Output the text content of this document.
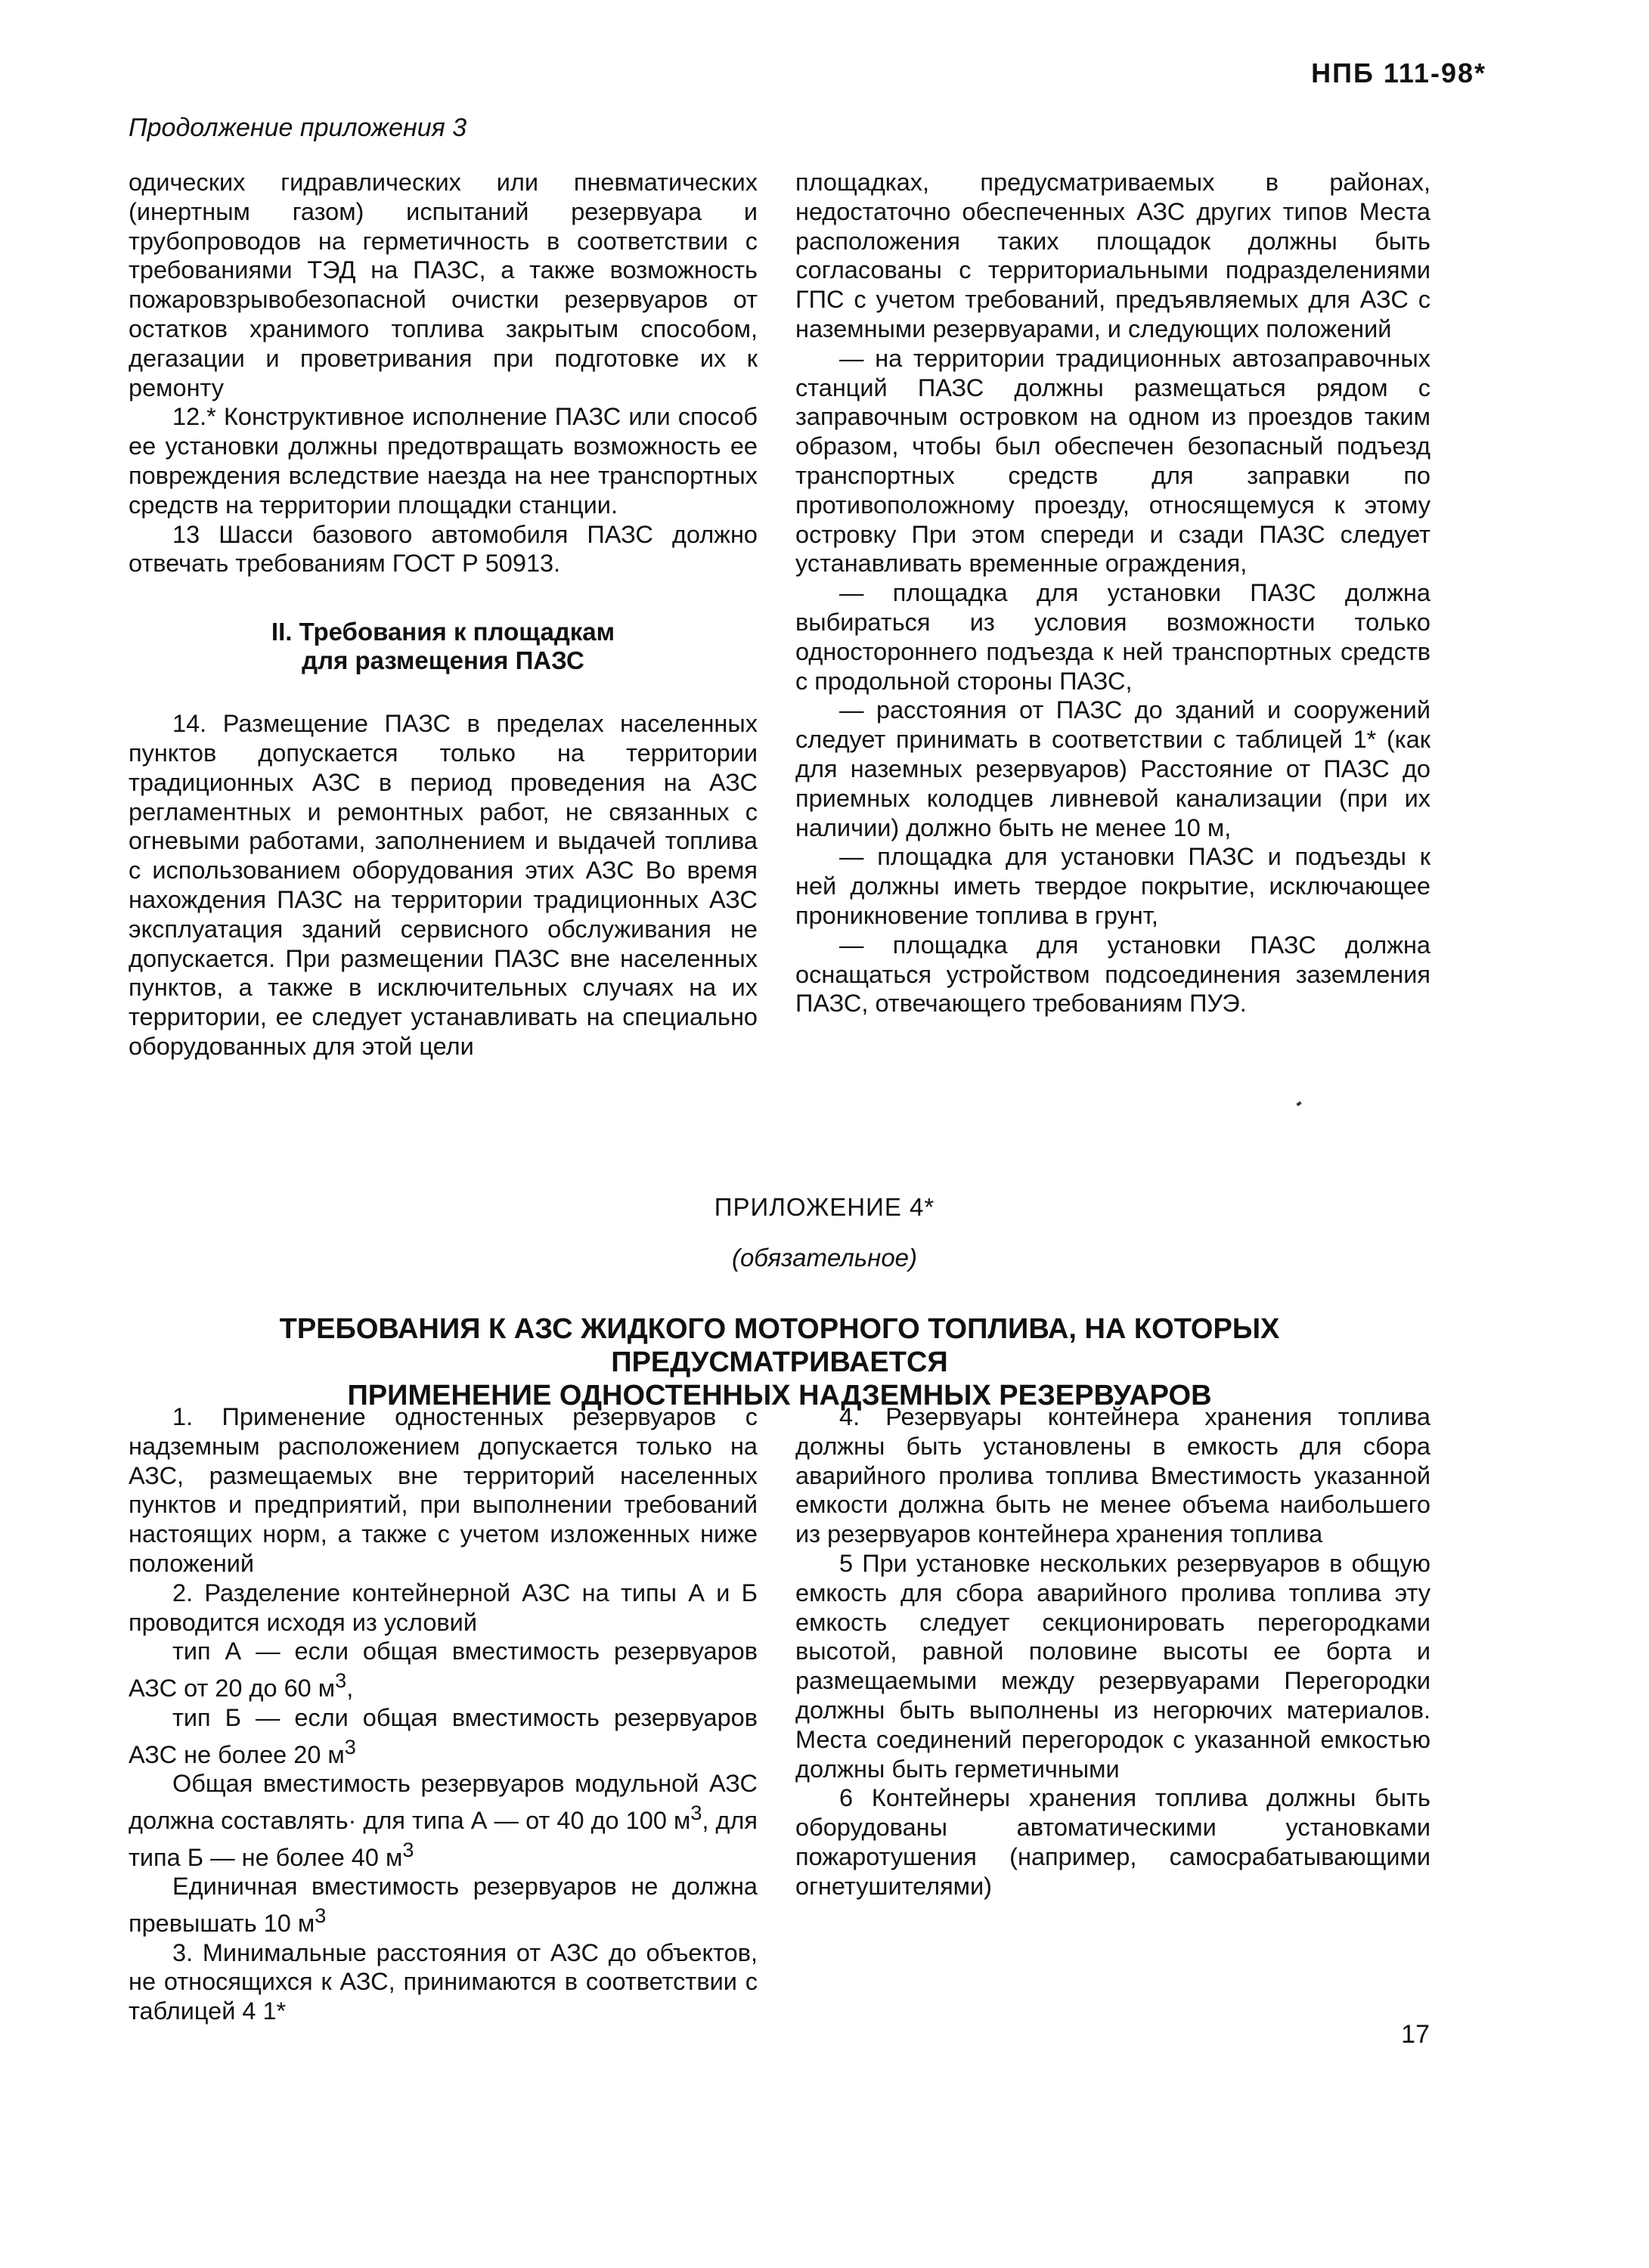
НПБ 111-98*
Продолжение приложения 3

одических гидравлических или пневматических (инертным газом) испытаний резервуара и трубопроводов на герметичность в соответствии с требованиями ТЭД на ПАЗС, а также возможность пожаровзрывобезопасной очистки резервуаров от остатков хранимого топлива закрытым способом, дегазации и проветривания при подготовке их к ремонту

12.* Конструктивное исполнение ПАЗС или способ ее установки должны предотвращать возможность ее повреждения вследствие наезда на нее транспортных средств на территории площадки станции.

13 Шасси базового автомобиля ПАЗС должно отвечать требованиям ГОСТ Р 50913.

II. Требования к площадкам
для размещения ПАЗС

14. Размещение ПАЗС в пределах населенных пунктов допускается только на территории традиционных АЗС в период проведения на АЗС регламентных и ремонтных работ, не связанных с огневыми работами, заполнением и выдачей топлива с использованием оборудования этих АЗС Во время нахождения ПАЗС на территории традиционных АЗС эксплуатация зданий сервисного обслуживания не допускается. При размещении ПАЗС вне населенных пунктов, а также в исключительных случаях на их территории, ее следует устанавливать на специально оборудованных для этой цели

площадках, предусматриваемых в районах, недостаточно обеспеченных АЗС других типов Места расположения таких площадок должны быть согласованы с территориальными подразделениями ГПС с учетом требований, предъявляемых для АЗС с наземными резервуарами, и следующих положений

— на территории традиционных автозаправочных станций ПАЗС должны размещаться рядом с заправочным островком на одном из проездов таким образом, чтобы был обеспечен безопасный подъезд транспортных средств для заправки по противоположному проезду, относящемуся к этому островку При этом спереди и сзади ПАЗС следует устанавливать временные ограждения,

— площадка для установки ПАЗС должна выбираться из условия возможности только одностороннего подъезда к ней транспортных средств с продольной стороны ПАЗС,

— расстояния от ПАЗС до зданий и сооружений следует принимать в соответствии с таблицей 1* (как для наземных резервуаров) Расстояние от ПАЗС до приемных колодцев ливневой канализации (при их наличии) должно быть не менее 10 м,

— площадка для установки ПАЗС и подъезды к ней должны иметь твердое покрытие, исключающее проникновение топлива в грунт,

— площадка для установки ПАЗС должна оснащаться устройством подсоединения заземления ПАЗС, отвечающего требованиям ПУЭ.

ПРИЛОЖЕНИЕ 4*
(обязательное)
ТРЕБОВАНИЯ К АЗС ЖИДКОГО МОТОРНОГО ТОПЛИВА, НА КОТОРЫХ ПРЕДУСМАТРИВАЕТСЯ
ПРИМЕНЕНИЕ ОДНОСТЕННЫХ НАДЗЕМНЫХ РЕЗЕРВУАРОВ

1. Применение одностенных резервуаров с надземным расположением допускается только на АЗС, размещаемых вне территорий населенных пунктов и предприятий, при выполнении требований настоящих норм, а также с учетом изложенных ниже положений

2. Разделение контейнерной АЗС на типы А и Б проводится исходя из условий

тип А — если общая вместимость резервуаров АЗС от 20 до 60 $м^3$,

тип Б — если общая вместимость резервуаров АЗС не более 20 $м^3$

Общая вместимость резервуаров модульной АЗС должна составлять· для типа А — от 40 до 100 $м^3$, для типа Б — не более 40 $м^3$

Единичная вместимость резервуаров не должна превышать 10 $м^3$

3. Минимальные расстояния от АЗС до объектов, не относящихся к АЗС, принимаются в соответствии с таблицей 4 1*

4. Резервуары контейнера хранения топлива должны быть установлены в емкость для сбора аварийного пролива топлива Вместимость указанной емкости должна быть не менее объема наибольшего из резервуаров контейнера хранения топлива

5 При установке нескольких резервуаров в общую емкость для сбора аварийного пролива топлива эту емкость следует секционировать перегородками высотой, равной половине высоты ее борта и размещаемыми между резервуарами Перегородки должны быть выполнены из негорючих материалов. Места соединений перегородок с указанной емкостью должны быть герметичными

6 Контейнеры хранения топлива должны быть оборудованы автоматическими установками пожаротушения (например, самосрабатывающими огнетушителями)

17
